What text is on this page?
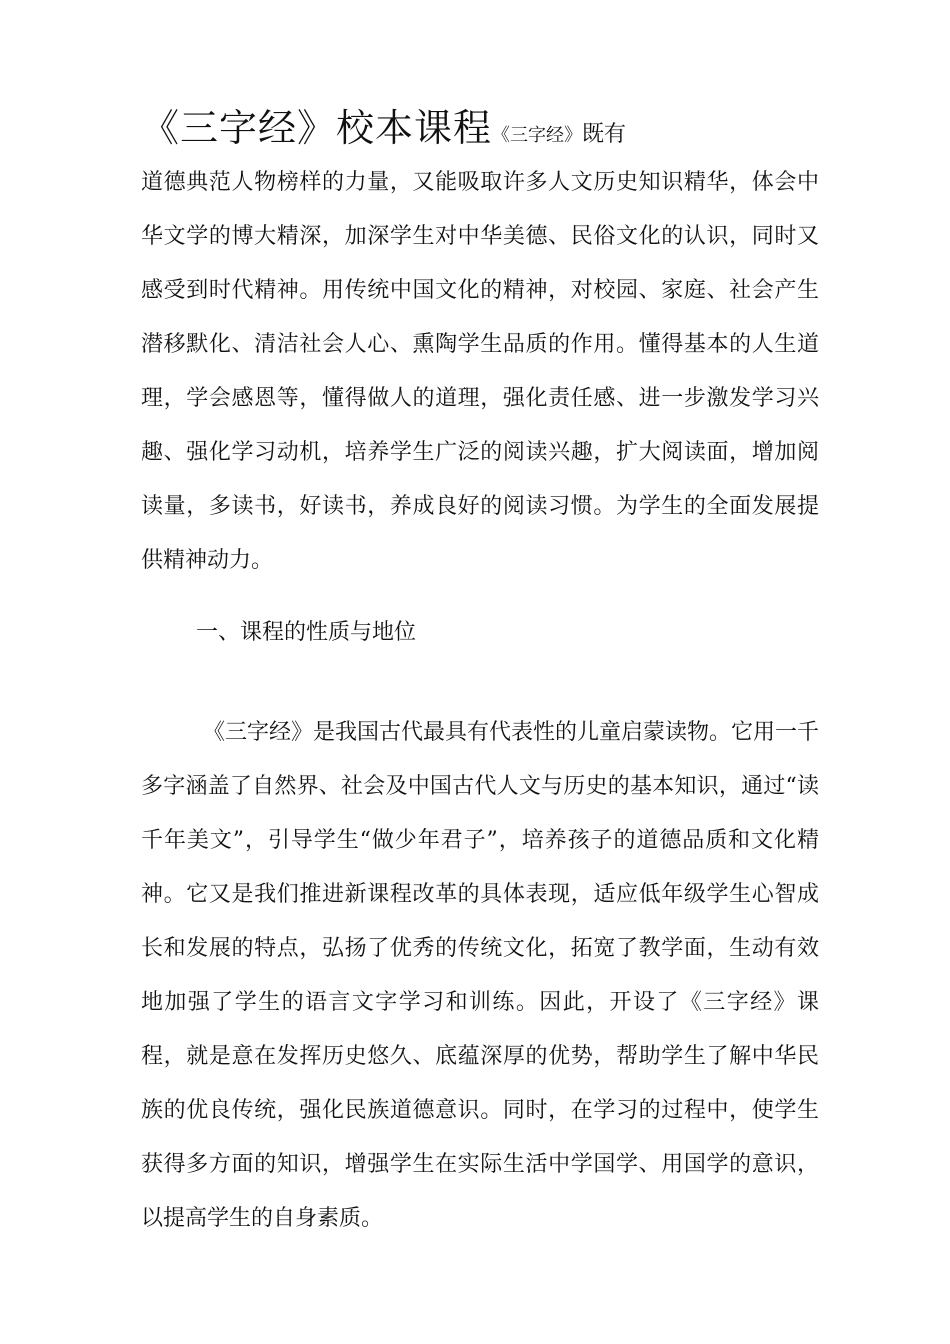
《三字经》校本课程《三字经》既有
道德典范人物榜样的力量，又能吸取许多人文历史知识精华，体会中华文学的博大精深，加深学生对中华美德、民俗文化的认识，同时又感受到时代精神。用传统中国文化的精神，对校园、家庭、社会产生潜移默化、清洁社会人心、熏陶学生品质的作用。懂得基本的人生道理，学会感恩等，懂得做人的道理，强化责任感、进一步激发学习兴趣、强化学习动机，培养学生广泛的阅读兴趣，扩大阅读面，增加阅读量，多读书，好读书，养成良好的阅读习惯。为学生的全面发展提供精神动力。

一、课程的性质与地位

《三字经》是我国古代最具有代表性的儿童启蒙读物。它用一千多字涵盖了自然界、社会及中国古代人文与历史的基本知识，通过“读千年美文”，引导学生“做少年君子”，培养孩子的道德品质和文化精神。它又是我们推进新课程改革的具体表现，适应低年级学生心智成长和发展的特点，弘扬了优秀的传统文化，拓宽了教学面，生动有效地加强了学生的语言文字学习和训练。因此，开设了《三字经》课程，就是意在发挥历史悠久、底蕴深厚的优势，帮助学生了解中华民族的优良传统，强化民族道德意识。同时，在学习的过程中，使学生获得多方面的知识，增强学生在实际生活中学国学、用国学的意识，以提高学生的自身素质。
